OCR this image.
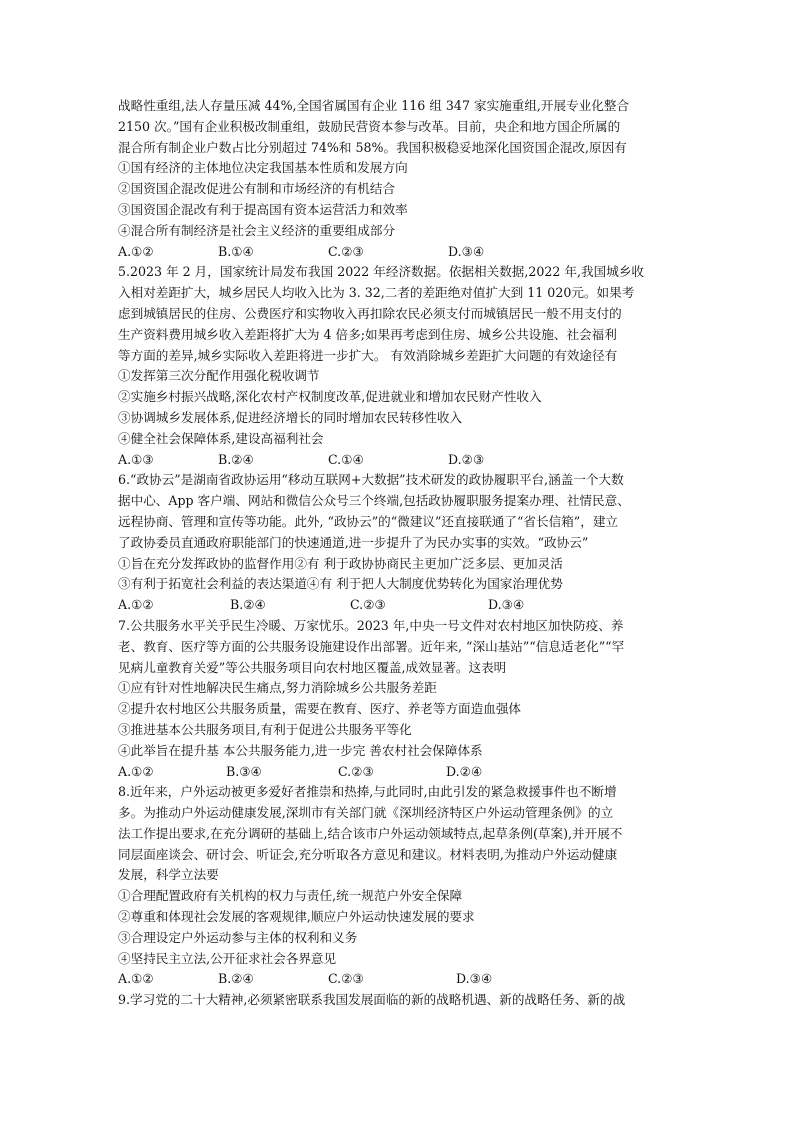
战略性重组,法人存量压减 44%,全国省属国有企业 116 组 347 家实施重组,开展专业化整合
2150 次。”国有企业积极改制重组，鼓励民营资本参与改革。目前，央企和地方国企所属的
混合所有制企业户数占比分别超过 74%和 58%。我国积极稳妥地深化国资国企混改,原因有
①国有经济的主体地位决定我国基本性质和发展方向
②国资国企混改促进公有制和市场经济的有机结合
③国资国企混改有利于提高国有资本运营活力和效率
④混合所有制经济是社会主义经济的重要组成部分
A.①②	B.①④	C.②③	D.③④
5.2023 年 2 月，国家统计局发布我国 2022 年经济数据。依据相关数据,2022 年,我国城乡收
入相对差距扩大，城乡居民人均收入比为 3. 32,二者的差距绝对值扩大到 11 020元。如果考
虑到城镇居民的住房、公费医疗和实物收入再扣除农民必须支付而城镇居民一般不用支付的
生产资料费用城乡收入差距将扩大为 4 倍多;如果再考虑到住房、城乡公共设施、社会福利
等方面的差异,城乡实际收入差距将进一步扩大。 有效消除城乡差距扩大问题的有效途径有
①发挥第三次分配作用强化税收调节
②实施乡村振兴战略,深化农村产权制度改革,促进就业和增加农民财产性收入
③协调城乡发展体系,促进经济增长的同时增加农民转移性收入
④健全社会保障体系,建设高福利社会
A.①③	B.②④	C.①④	D.②③
6.“政协云”是湖南省政协运用“移动互联网+大数据”技术研发的政协履职平台,涵盖一个大数
据中心、App 客户端、网站和微信公众号三个终端,包括政协履职服务提案办理、社情民意、
远程协商、管理和宣传等功能。此外, “政协云”的“微建议”还直接联通了“省长信箱”，建立
了政协委员直通政府职能部门的快速通道,进一步提升了为民办实事的实效。“政协云”
①旨在充分发挥政协的监督作用②有 利于政协协商民主更加广泛多层、更加灵活
③有利于拓宽社会利益的表达渠道④有 利于把人大制度优势转化为国家治理优势
A.①②	B.②④	C.②③	D.③④
7.公共服务水平关乎民生冷暖、万家忧乐。2023 年,中央一号文件对农村地区加快防疫、养
老、教育、医疗等方面的公共服务设施建设作出部署。近年来, “深山基站”“信息适老化”“罕
见病儿童教育关爱”等公共服务项目向农村地区覆盖,成效显著。这表明
①应有针对性地解决民生痛点,努力消除城乡公共服务差距
②提升农村地区公共服务质量，需要在教育、医疗、养老等方面造血强体
③推进基本公共服务项目,有利于促进公共服务平等化
④此举旨在提升基 本公共服务能力,进一步完 善农村社会保障体系
A.①②	B.③④	C.②③	D.②④
8.近年来，户外运动被更多爱好者推崇和热捧,与此同时,由此引发的紧急救援事件也不断增
多。为推动户外运动健康发展,深圳市有关部门就《深圳经济特区户外运动管理条例》的立
法工作提出要求,在充分调研的基础上,结合该市户外运动领域特点,起草条例(草案),并开展不
同层面座谈会、研讨会、听证会,充分听取各方意见和建议。材料表明,为推动户外运动健康
发展，科学立法要
①合理配置政府有关机构的权力与责任,统一规范户外安全保障
②尊重和体现社会发展的客观规律,顺应户外运动快速发展的要求
③合理设定户外运动参与主体的权利和义务
④坚持民主立法,公开征求社会各界意见
A.①②	B.②④	C.②③	D.③④
9.学习党的二十大精神,必须紧密联系我国发展面临的新的战略机遇、新的战略任务、新的战
